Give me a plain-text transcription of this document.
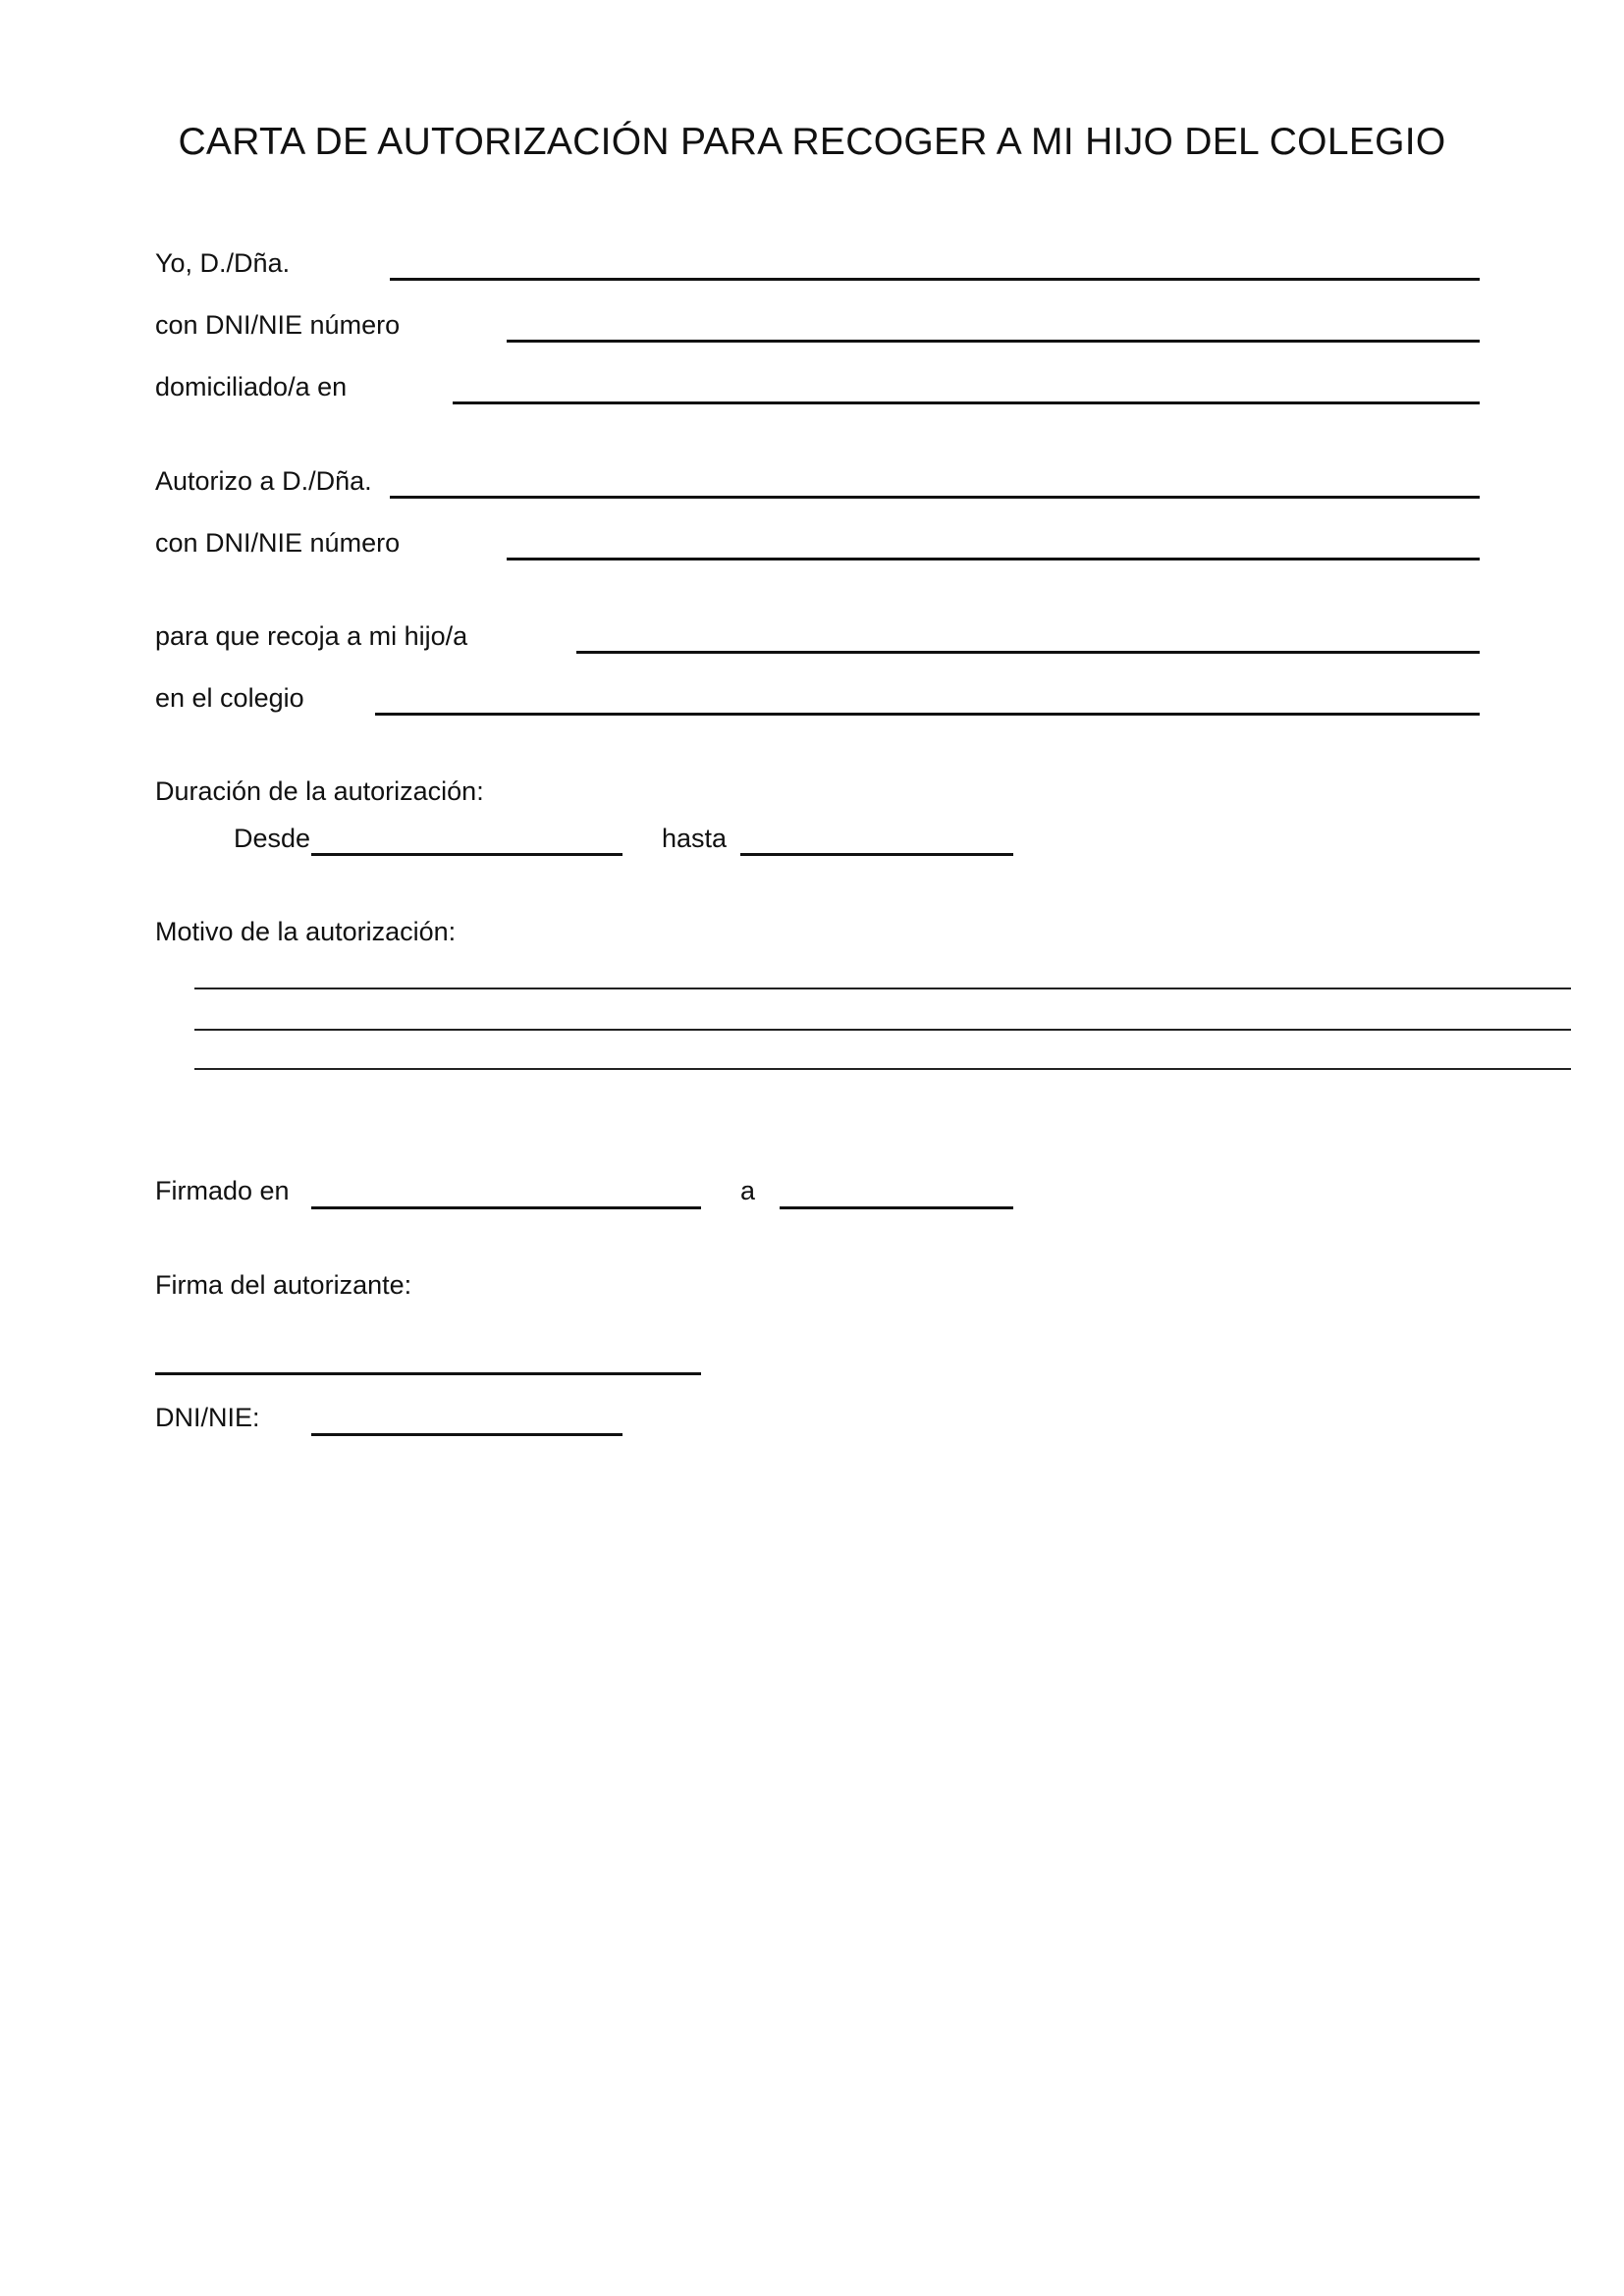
CARTA DE AUTORIZACIÓN PARA RECOGER A MI HIJO DEL COLEGIO
Yo, D./Dña.
con DNI/NIE número
domiciliado/a en
Autorizo a D./Dña.
con DNI/NIE número
para que recoja a mi hijo/a
en el colegio
Duración de la autorización:
Desde	hasta
Motivo de la autorización:
Firmado en	a
Firma del autorizante:
DNI/NIE:
